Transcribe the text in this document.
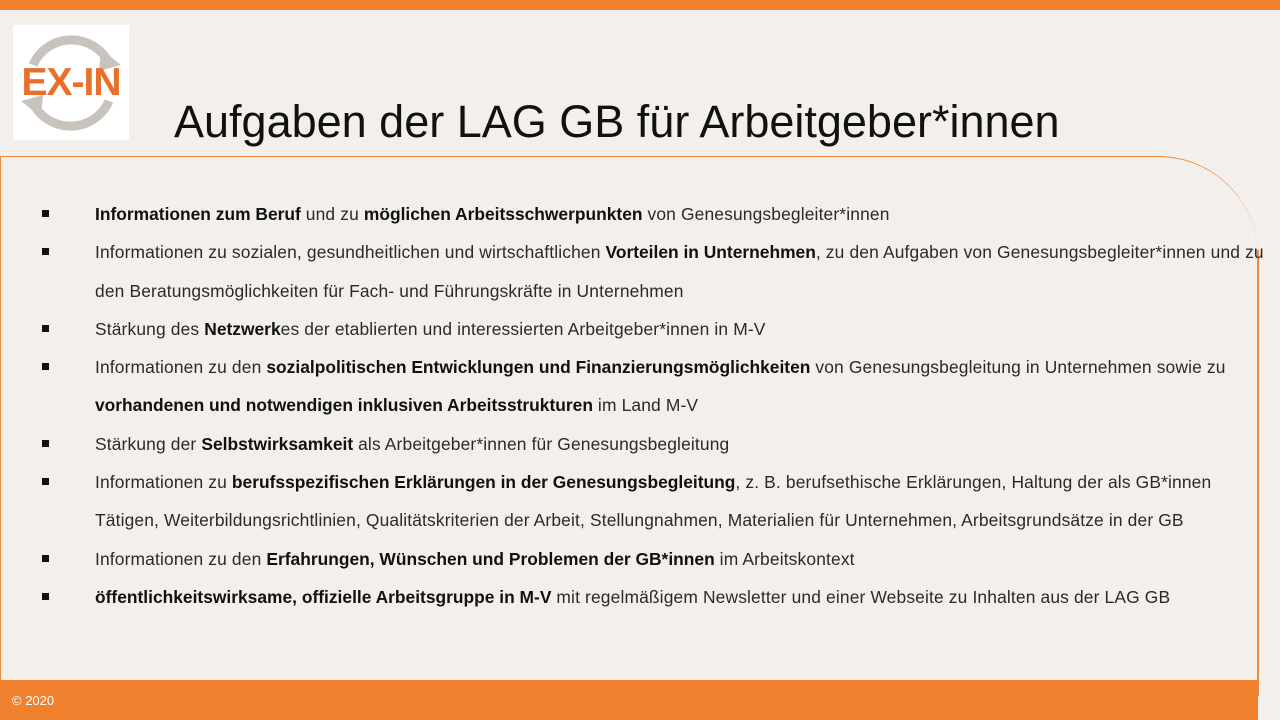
EX-IN
Aufgaben der LAG GB für Arbeitgeber*innen
Informationen zum Beruf und zu möglichen Arbeitsschwerpunkten von Genesungsbegleiter*innen
Informationen zu sozialen, gesundheitlichen und wirtschaftlichen Vorteilen in Unternehmen, zu den Aufgaben von Genesungsbegleiter*innen und zu den Beratungsmöglichkeiten für Fach- und Führungskräfte in Unternehmen
Stärkung des Netzwerkes der etablierten und interessierten Arbeitgeber*innen in M-V
Informationen zu den sozialpolitischen Entwicklungen und Finanzierungsmöglichkeiten von Genesungsbegleitung in Unternehmen sowie zu vorhandenen und notwendigen inklusiven Arbeitsstrukturen im Land M-V
Stärkung der Selbstwirksamkeit als Arbeitgeber*innen für Genesungsbegleitung
Informationen zu berufsspezifischen Erklärungen in der Genesungsbegleitung, z. B. berufsethische Erklärungen, Haltung der als GB*innen Tätigen, Weiterbildungsrichtlinien, Qualitätskriterien der Arbeit, Stellungnahmen, Materialien für Unternehmen, Arbeitsgrundsätze in der GB
Informationen zu den Erfahrungen, Wünschen und Problemen der GB*innen im Arbeitskontext
öffentlichkeitswirksame, offizielle Arbeitsgruppe in M-V mit regelmäßigem Newsletter und einer Webseite zu Inhalten aus der LAG GB
© 2020
